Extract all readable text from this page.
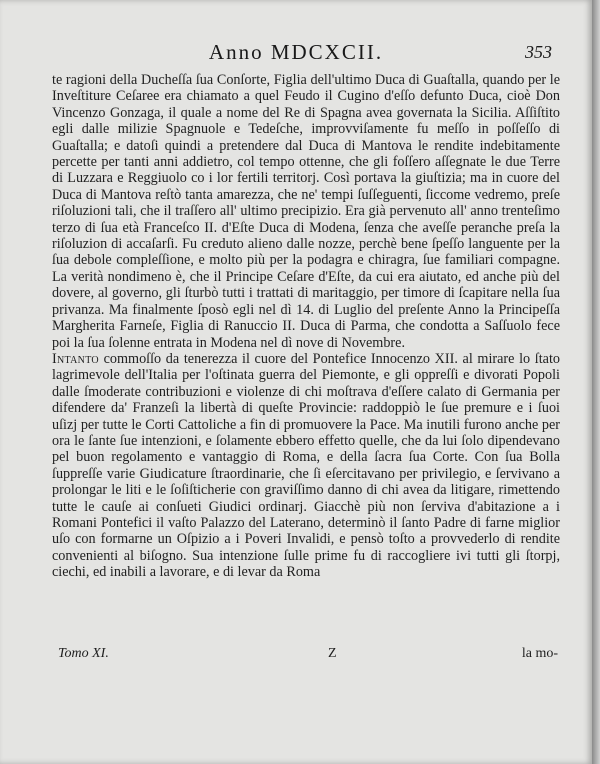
Anno MDCXCII.	353

te ragioni della Ducheſſa ſua Conſorte, Figlia dell'ultimo Duca di Guaſtalla, quando per le Inveſtiture Ceſaree era chiamato a quel Feudo il Cugino d'eſſo defunto Duca, cioè Don Vincenzo Gonzaga, il quale a nome del Re di Spagna avea governata la Sicilia. Aſſiſtito egli dalle milizie Spagnuole e Tedeſche, improvviſamente fu meſſo in poſſeſſo di Guaſtalla; e datoſi quindi a pretendere dal Duca di Mantova le rendite indebitamente percette per tanti anni addietro, col tempo ottenne, che gli foſſero aſſegnate le due Terre di Luzzara e Reggiuolo co i lor fertili territorj. Così portava la giuſtizia; ma in cuore del Duca di Mantova reſtò tanta amarezza, che ne' tempi ſuſſeguenti, ſiccome vedremo, preſe riſoluzioni tali, che il traſſero all' ultimo precipizio. Era già pervenuto all' anno trenteſimo terzo di ſua età Franceſco II. d'Eſte Duca di Modena, ſenza che aveſſe peranche preſa la riſoluzion di accaſarſi. Fu creduto alieno dalle nozze, perchè bene ſpeſſo languente per la ſua debole compleſſione, e molto più per la podagra e chiragra, ſue familiari compagne. La verità nondimeno è, che il Principe Ceſare d'Eſte, da cui era aiutato, ed anche più del dovere, al governo, gli ſturbò tutti i trattati di maritaggio, per timore di ſcapitare nella ſua privanza. Ma finalmente ſposò egli nel dì 14. di Luglio del preſente Anno la Principeſſa Margherita Farneſe, Figlia di Ranuccio II. Duca di Parma, che condotta a Saſſuolo fece poi la ſua ſolenne entrata in Modena nel dì nove di Novembre.

Intanto commoſſo da tenerezza il cuore del Pontefice Innocenzo XII. al mirare lo ſtato lagrimevole dell'Italia per l'oſtinata guerra del Piemonte, e gli oppreſſi e divorati Popoli dalle ſmoderate contribuzioni e violenze di chi moſtrava d'eſſere calato di Germania per difendere da' Franzeſi la libertà di queſte Provincie: raddoppiò le ſue premure e i ſuoi uſizj per tutte le Corti Cattoliche a fin di promuovere la Pace. Ma inutili furono anche per ora le ſante ſue intenzioni, e ſolamente ebbero effetto quelle, che da lui ſolo dipendevano pel buon regolamento e vantaggio di Roma, e della ſacra ſua Corte. Con ſua Bolla ſuppreſſe varie Giudicature ſtraordinarie, che ſi eſercitavano per privilegio, e ſervivano a prolongar le liti e le ſoſiſticherie con graviſſimo danno di chi avea da litigare, rimettendo tutte le cauſe ai conſueti Giudici ordinarj. Giacchè più non ſerviva d'abitazione a i Romani Pontefici il vaſto Palazzo del Laterano, determinò il ſanto Padre di farne miglior uſo con formarne un Oſpizio a i Poveri Invalidi, e pensò toſto a provvederlo di rendite convenienti al biſogno. Sua intenzione ſulle prime fu di raccogliere ivi tutti gli ſtorpj, ciechi, ed inabili a lavorare, e di levar da Roma

Tomo XI.	Z	la mo-
